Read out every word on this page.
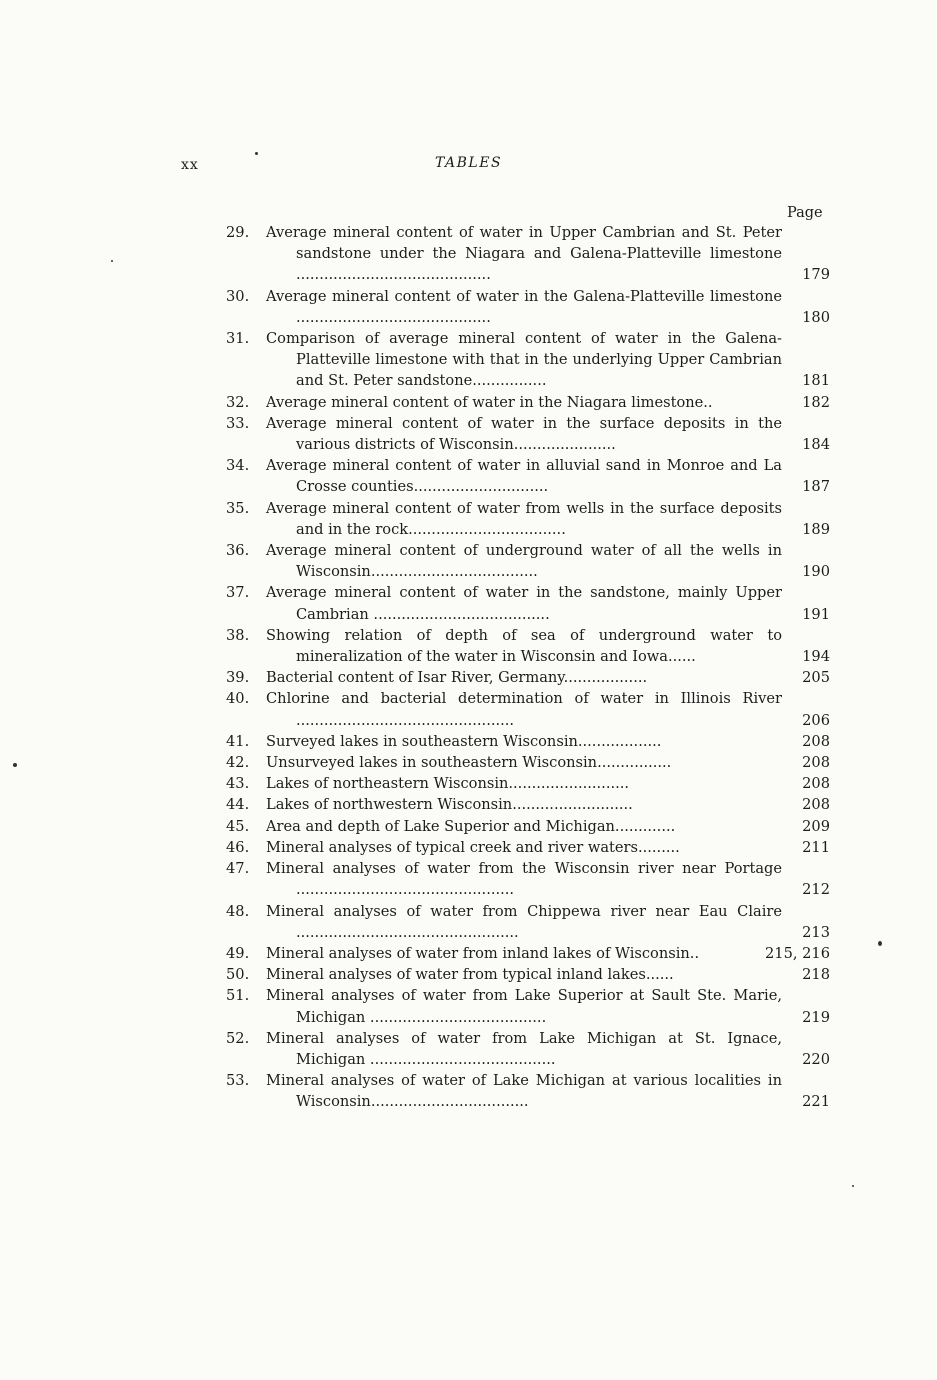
xx	TABLES
Page
29.	Average mineral content of water in Upper Cambrian and St. Peter sandstone under the Niagara and Galena-Platteville limestone ..........................................	179
30.	Average mineral content of water in the Galena-Platteville limestone ..........................................	180
31.	Comparison of average mineral content of water in the Galena-Platteville limestone with that in the underlying Upper Cambrian and St. Peter sandstone................	181
32.	Average mineral content of water in the Niagara limestone..	182
33.	Average mineral content of water in the surface deposits in the various districts of Wisconsin......................	184
34.	Average mineral content of water in alluvial sand in Monroe and La Crosse counties.............................	187
35.	Average mineral content of water from wells in the surface deposits and in the rock..................................	189
36.	Average mineral content of underground water of all the wells in Wisconsin....................................	190
37.	Average mineral content of water in the sandstone, mainly Upper Cambrian ......................................	191
38.	Showing relation of depth of sea of underground water to mineralization of the water in Wisconsin and Iowa......	194
39.	Bacterial content of Isar River, Germany..................	205
40.	Chlorine and bacterial determination of water in Illinois River ...............................................	206
41.	Surveyed lakes in southeastern Wisconsin..................	208
42.	Unsurveyed lakes in southeastern Wisconsin................	208
43.	Lakes of northeastern Wisconsin..........................	208
44.	Lakes of northwestern Wisconsin..........................	208
45.	Area and depth of Lake Superior and Michigan.............	209
46.	Mineral analyses of typical creek and river waters.........	211
47.	Mineral analyses of water from the Wisconsin river near Portage ...............................................	212
48.	Mineral analyses of water from Chippewa river near Eau Claire ................................................	213
49.	Mineral analyses of water from inland lakes of Wisconsin..	215, 216
50.	Mineral analyses of water from typical inland lakes......	218
51.	Mineral analyses of water from Lake Superior at Sault Ste. Marie, Michigan ......................................	219
52.	Mineral analyses of water from Lake Michigan at St. Ignace, Michigan ........................................	220
53.	Mineral analyses of water of Lake Michigan at various localities in Wisconsin..................................	221
